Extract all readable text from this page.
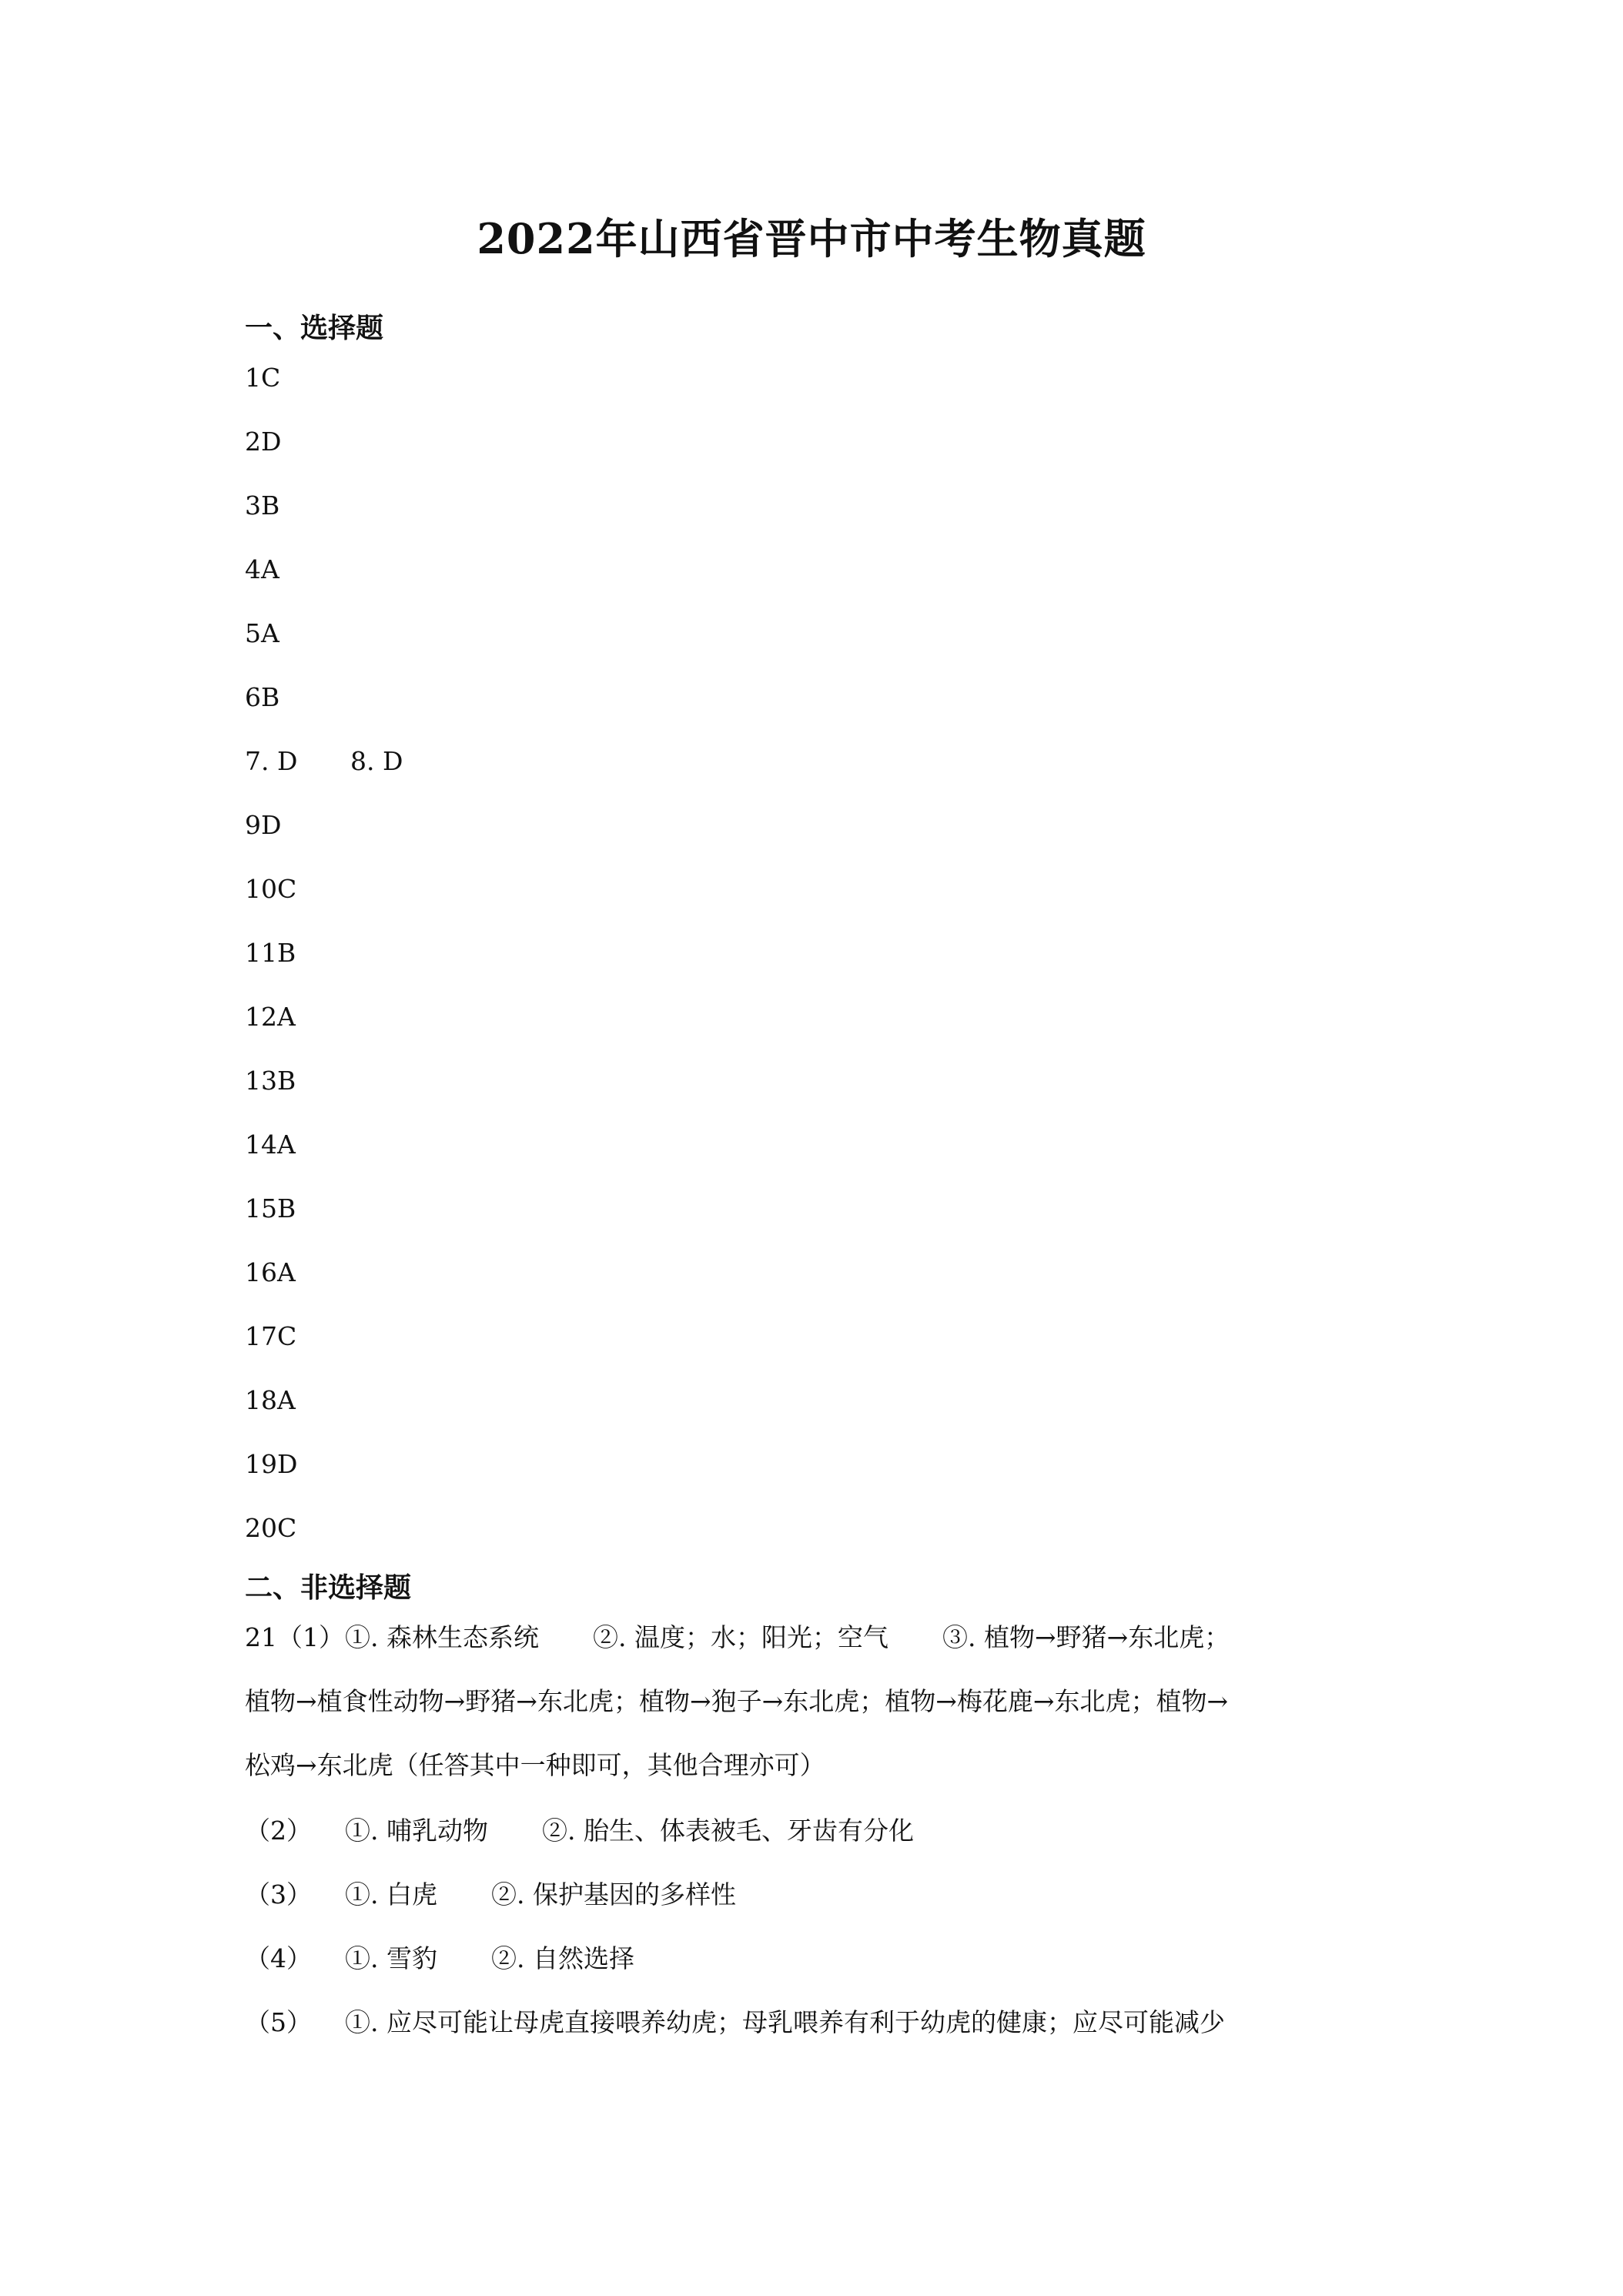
2022年山西省晋中市中考生物真题
一、选择题
1C
2D
3B
4A
5A
6B
7. D 8. D
9D
10C
11B
12A
13B
14A
15B
16A
17C
18A
19D
20C
二、非选择题
21（1）①. 森林生态系统 ②. 温度；水；阳光；空气 ③. 植物→野猪→东北虎；
植物→植食性动物→野猪→东北虎；植物→狍子→东北虎；植物→梅花鹿→东北虎；植物→
松鸡→东北虎（任答其中一种即可，其他合理亦可）
（2） ①. 哺乳动物 ②. 胎生、体表被毛、牙齿有分化
（3） ①. 白虎 ②. 保护基因的多样性
（4） ①. 雪豹 ②. 自然选择
（5） ①. 应尽可能让母虎直接喂养幼虎；母乳喂养有利于幼虎的健康；应尽可能减少
